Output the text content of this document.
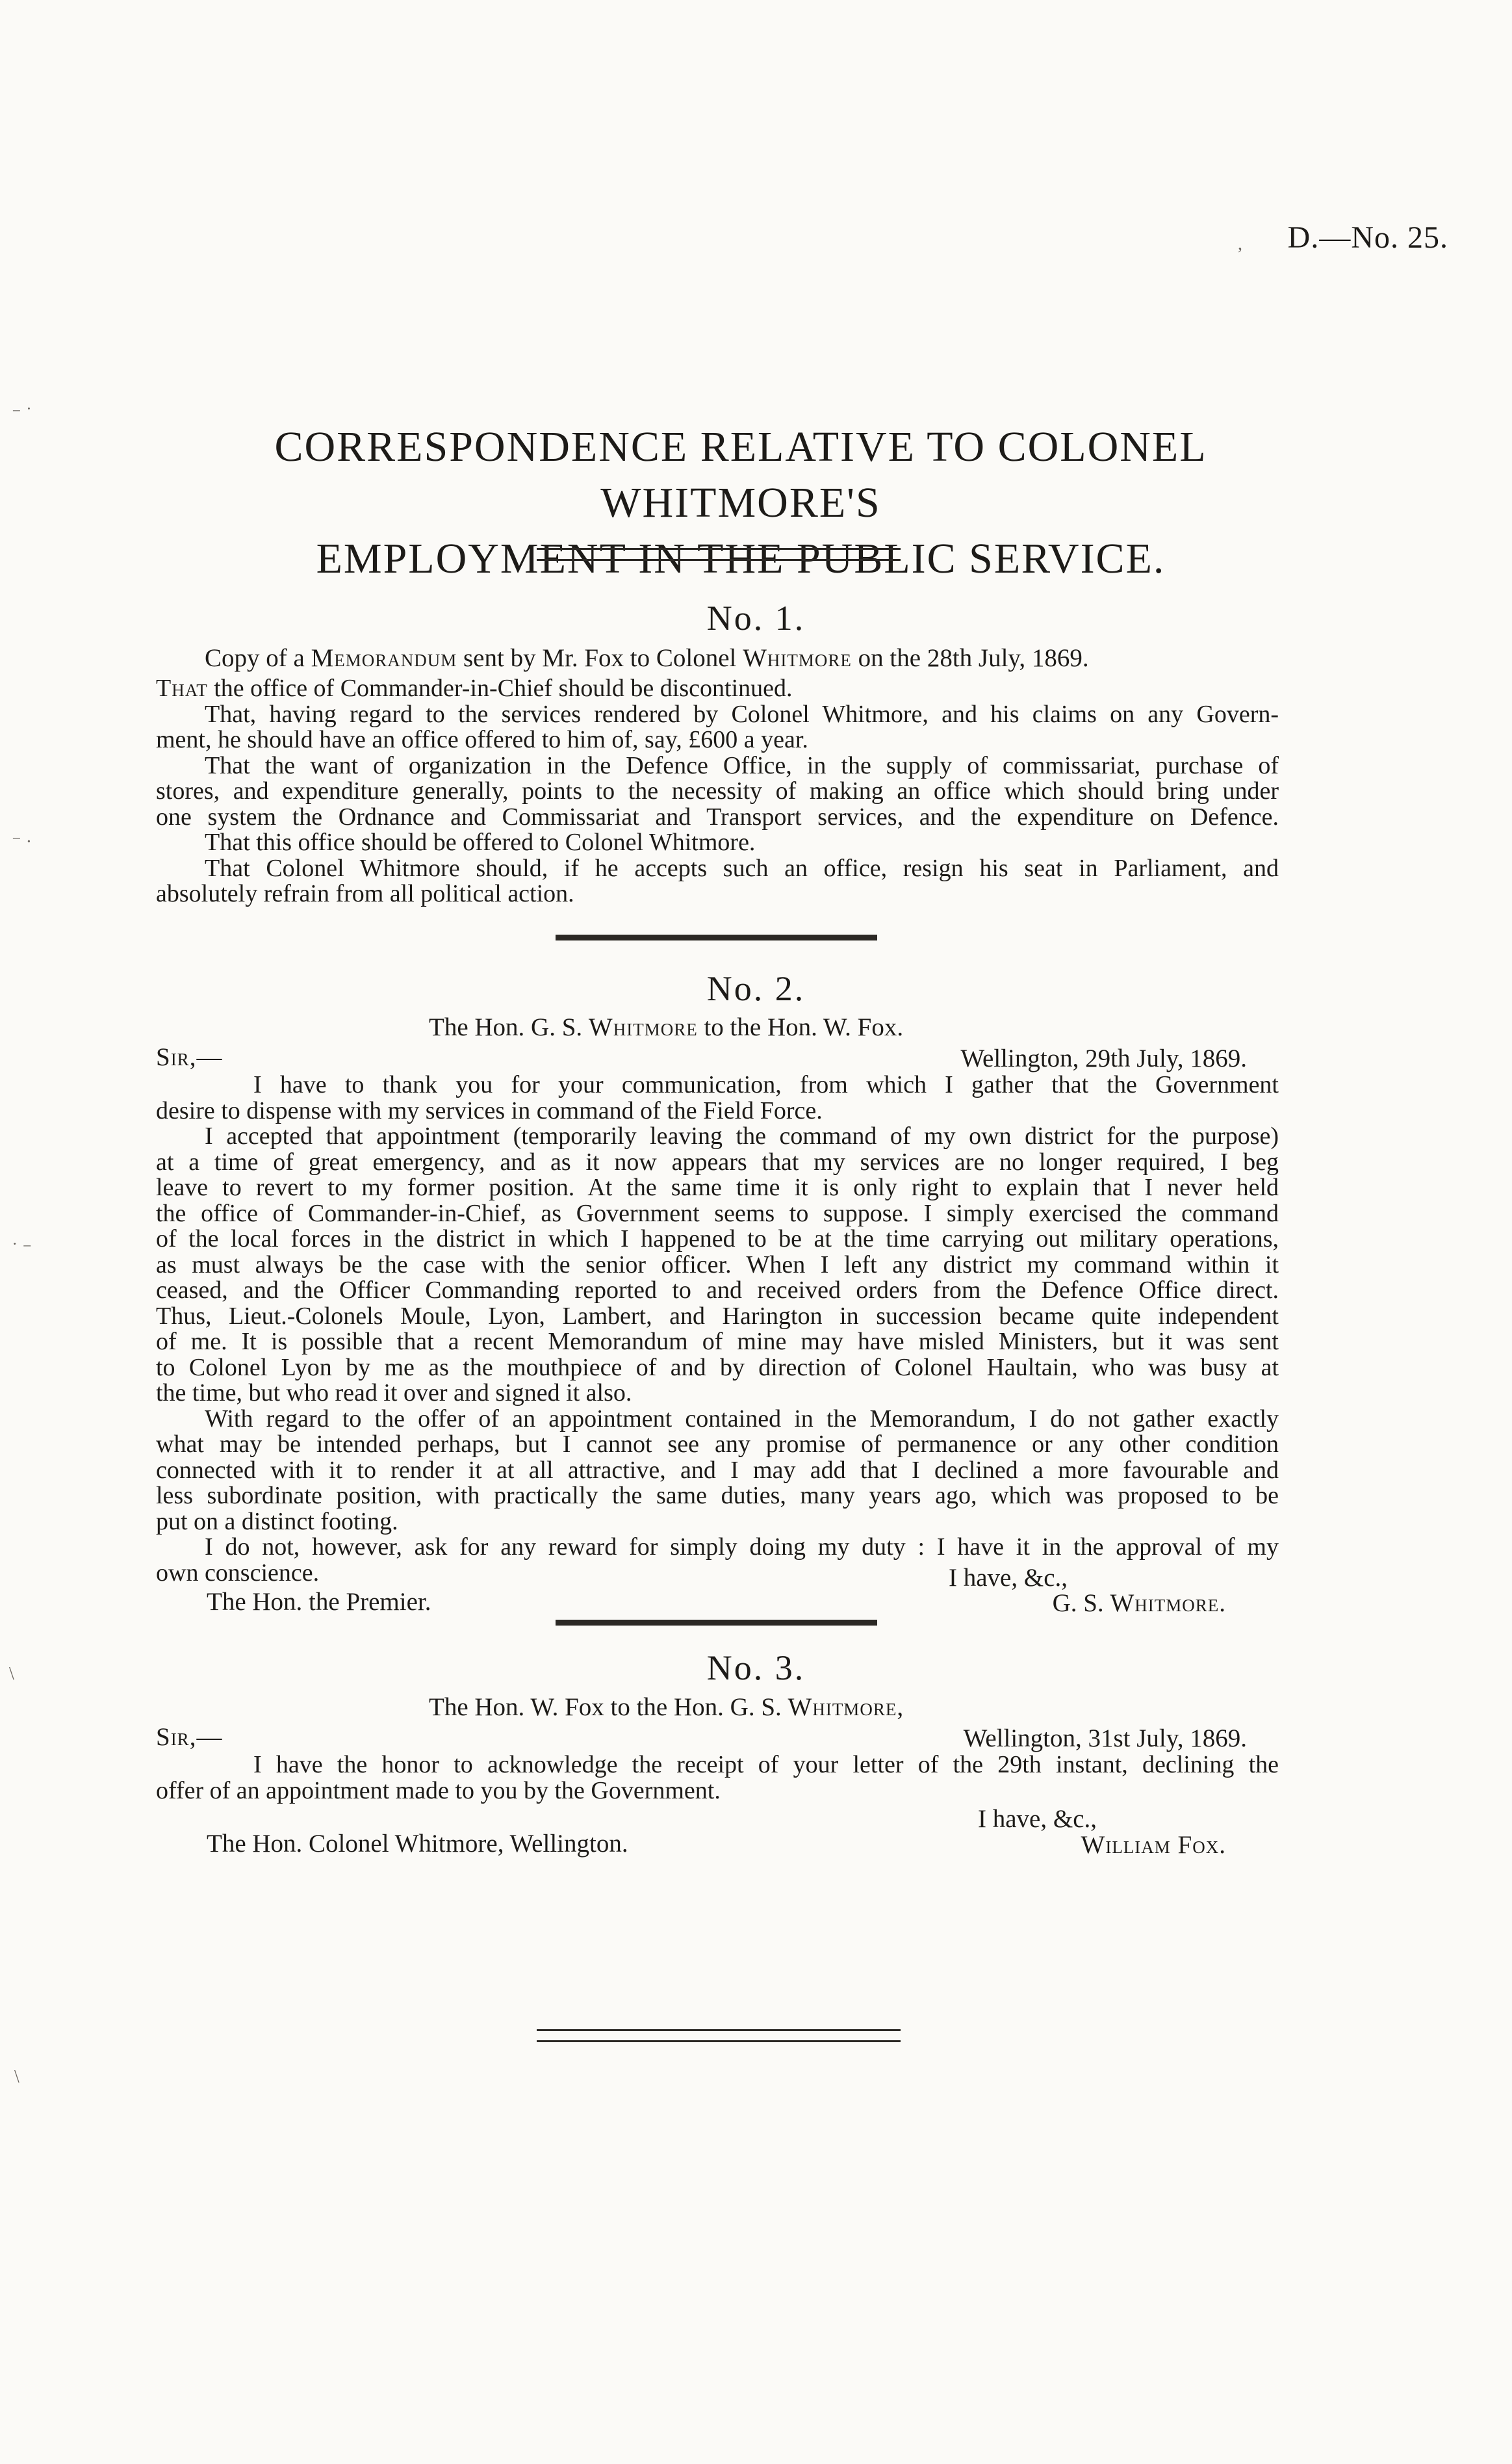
,
⁻ ˙
⁻ ·
˙ ⁻
\
\
D.—No. 25.
CORRESPONDENCE RELATIVE TO COLONEL WHITMORE'S
EMPLOYMENT IN THE PUBLIC SERVICE.
No. 1.
Copy of a Memorandum sent by Mr. Fox to Colonel Whitmore on the 28th July, 1869.
That the office of Commander-in-Chief should be discontinued.
That, having regard to the services rendered by Colonel Whitmore, and his claims on any Govern-
ment, he should have an office offered to him of, say, £600 a year.
That the want of organization in the Defence Office, in the supply of commissariat, purchase of
stores, and expenditure generally, points to the necessity of making an office which should bring under
one system the Ordnance and Commissariat and Transport services, and the expenditure on Defence.
That this office should be offered to Colonel Whitmore.
That Colonel Whitmore should, if he accepts such an office, resign his seat in Parliament, and
absolutely refrain from all political action.
No. 2.
The Hon. G. S. Whitmore to the Hon. W. Fox.
Sir,—	Wellington, 29th July, 1869.
I have to thank you for your communication, from which I gather that the Government
desire to dispense with my services in command of the Field Force.
I accepted that appointment (temporarily leaving the command of my own district for the purpose)
at a time of great emergency, and as it now appears that my services are no longer required, I beg
leave to revert to my former position. At the same time it is only right to explain that I never held
the office of Commander-in-Chief, as Government seems to suppose. I simply exercised the command
of the local forces in the district in which I happened to be at the time carrying out military operations,
as must always be the case with the senior officer. When I left any district my command within it
ceased, and the Officer Commanding reported to and received orders from the Defence Office direct.
Thus, Lieut.-Colonels Moule, Lyon, Lambert, and Harington in succession became quite independent
of me. It is possible that a recent Memorandum of mine may have misled Ministers, but it was sent
to Colonel Lyon by me as the mouthpiece of and by direction of Colonel Haultain, who was busy at
the time, but who read it over and signed it also.
With regard to the offer of an appointment contained in the Memorandum, I do not gather exactly
what may be intended perhaps, but I cannot see any promise of permanence or any other condition
connected with it to render it at all attractive, and I may add that I declined a more favourable and
less subordinate position, with practically the same duties, many years ago, which was proposed to be
put on a distinct footing.
I do not, however, ask for any reward for simply doing my duty : I have it in the approval of my
own conscience.	I have, &c.,
The Hon. the Premier.	G. S. Whitmore.
No. 3.
The Hon. W. Fox to the Hon. G. S. Whitmore,
Sir,—	Wellington, 31st July, 1869.
I have the honor to acknowledge the receipt of your letter of the 29th instant, declining the
offer of an appointment made to you by the Government.
I have, &c.,
The Hon. Colonel Whitmore, Wellington.	William Fox.
